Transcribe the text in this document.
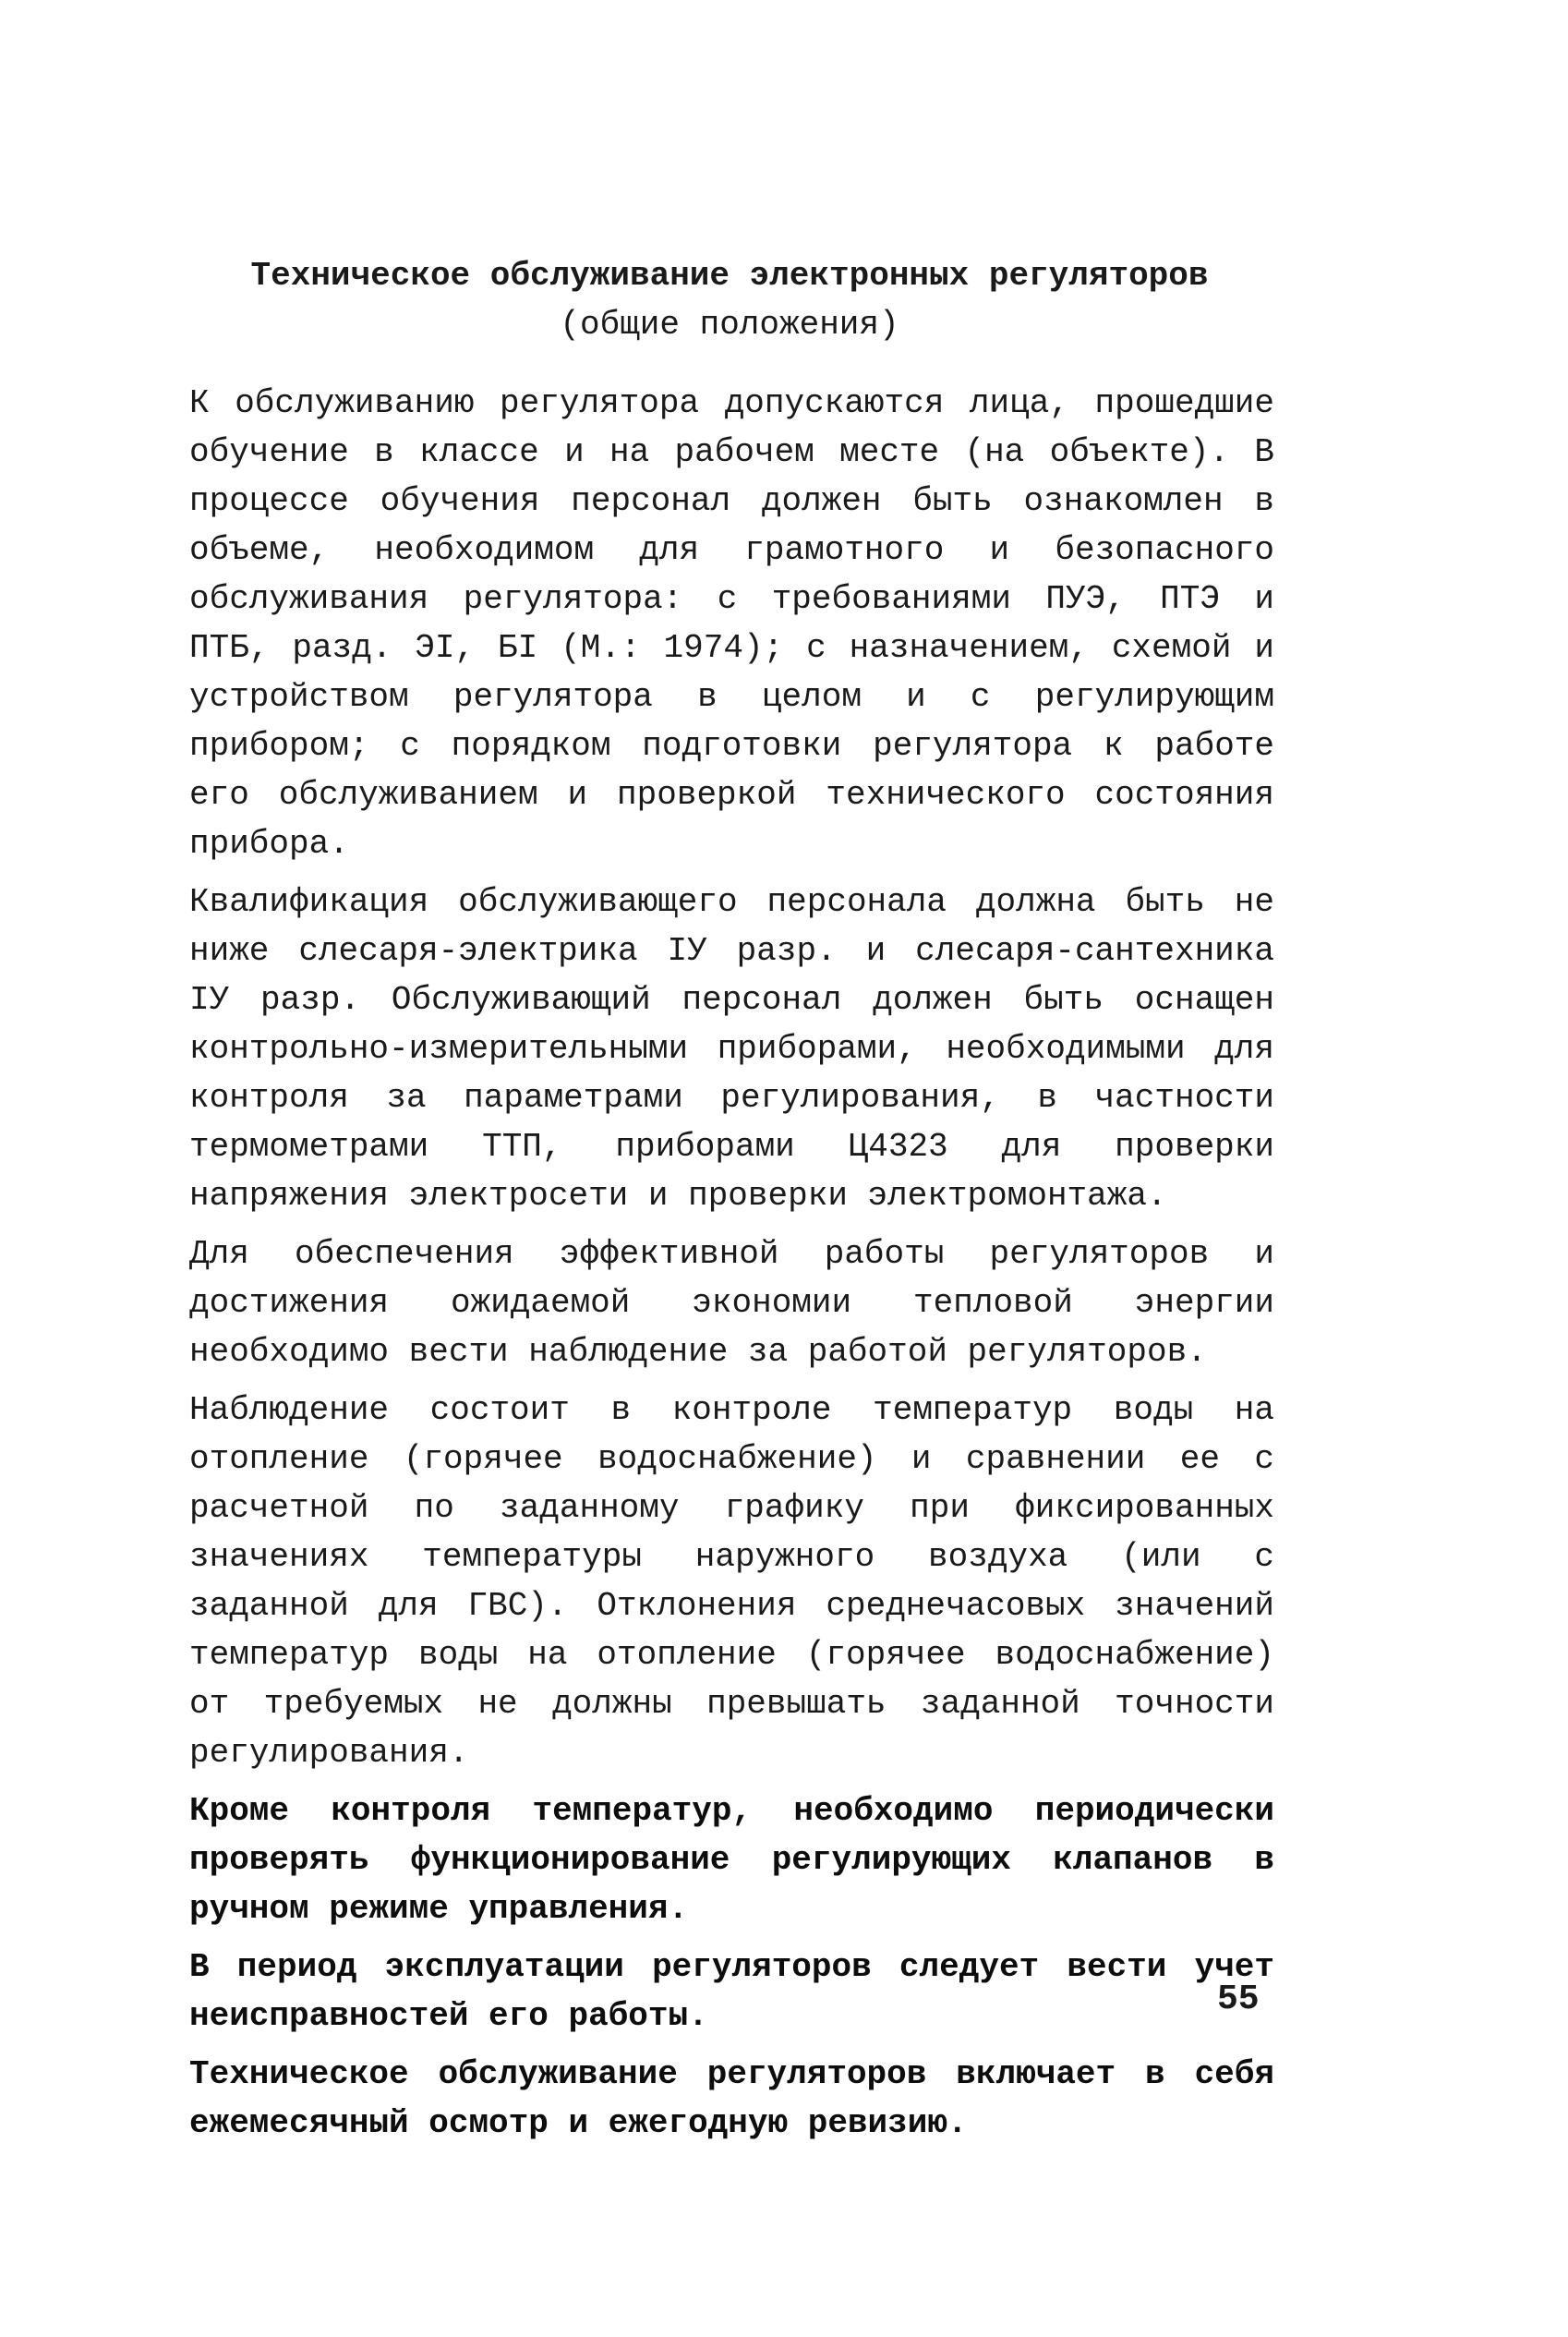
Техническое обслуживание электронных регуляторов
(общие положения)

К обслуживанию регулятора допускаются лица, прошедшие обучение в классе и на рабочем месте (на объекте). В процессе обучения персонал должен быть ознакомлен в объеме, необходимом для грамотного и безопасного обслуживания регулятора: с требованиями ПУЭ, ПТЭ и ПТБ, разд. ЭI, БI (М.: 1974); с назначением, схемой и устройством регулятора в целом и с регулирующим прибором; с порядком подготовки регулятора к работе его обслуживанием и проверкой технического состояния прибора.

Квалификация обслуживающего персонала должна быть не ниже слесаря-электрика IУ разр. и слесаря-сантехника IУ разр. Обслуживающий персонал должен быть оснащен контрольно-измерительными приборами, необходимыми для контроля за параметрами регулирования, в частности термометрами ТТП, приборами Ц4323 для проверки напряжения электросети и проверки электромонтажа.

Для обеспечения эффективной работы регуляторов и достижения ожидаемой экономии тепловой энергии необходимо вести наблюдение за работой регуляторов.

Наблюдение состоит в контроле температур воды на отопление (горячее водоснабжение) и сравнении ее с расчетной по заданному графику при фиксированных значениях температуры наружного воздуха (или с заданной для ГВС). Отклонения среднечасовых значений температур воды на отопление (горячее водоснабжение) от требуемых не должны превышать заданной точности регулирования.

Кроме контроля температур, необходимо периодически проверять функционирование регулирующих клапанов в ручном режиме управления.

В период эксплуатации регуляторов следует вести учет неисправностей его работы.

Техническое обслуживание регуляторов включает в себя ежемесячный осмотр и ежегодную ревизию.

55
